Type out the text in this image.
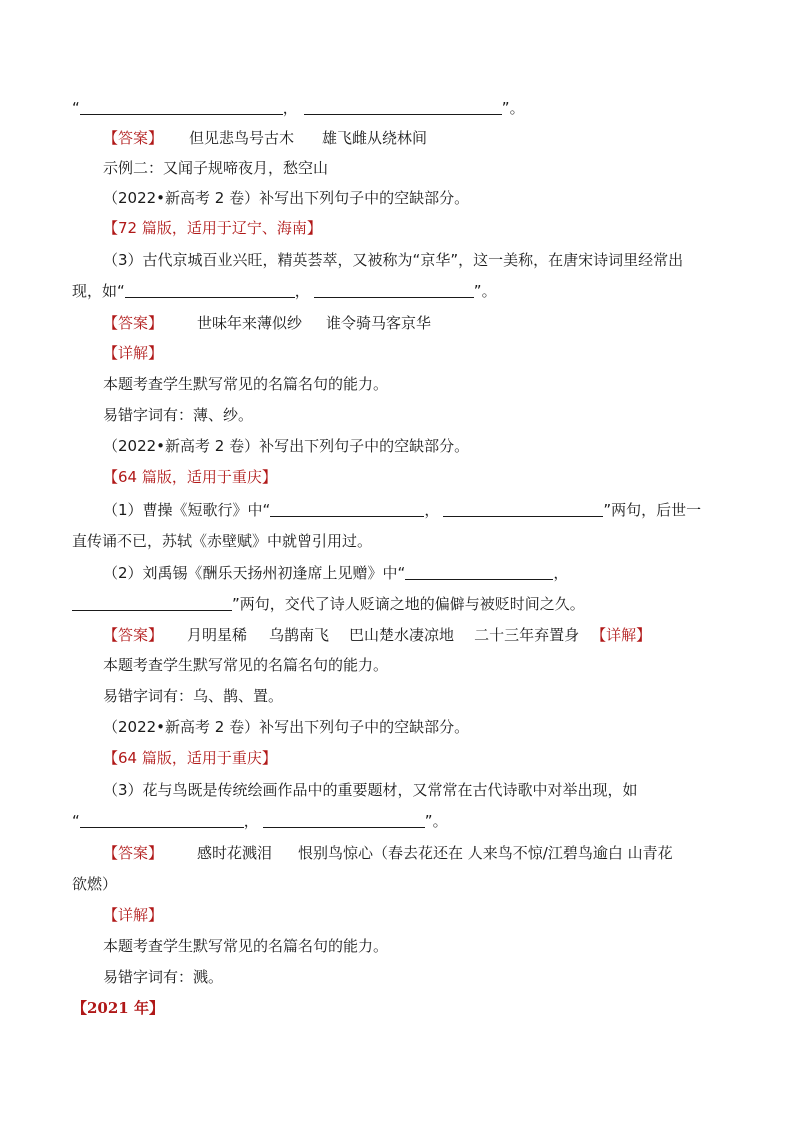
“	，	”。
【答案】 但见悲鸟号古木 雄飞雌从绕林间
示例二：又闻子规啼夜月，愁空山
（2022•新高考 2 卷）补写出下列句子中的空缺部分。
【72 篇版，适用于辽宁、海南】
（3）古代京城百业兴旺，精英荟萃，又被称为“京华”，这一美称，在唐宋诗词里经常出
现，如“	，	”。
【答案】 世味年来薄似纱 谁令骑马客京华
【详解】
本题考查学生默写常见的名篇名句的能力。
易错字词有：薄、纱。
（2022•新高考 2 卷）补写出下列句子中的空缺部分。
【64 篇版，适用于重庆】
（1）曹操《短歌行》中“	，	”两句，后世一
直传诵不已，苏轼《赤壁赋》中就曾引用过。
（2）刘禹锡《酬乐天扬州初逢席上见赠》中“	，
”两句，交代了诗人贬谪之地的偏僻与被贬时间之久。
【答案】 月明星稀 乌鹊南飞 巴山楚水凄凉地 二十三年弃置身 【详解】
本题考查学生默写常见的名篇名句的能力。
易错字词有：乌、鹊、置。
（2022•新高考 2 卷）补写出下列句子中的空缺部分。
【64 篇版，适用于重庆】
（3）花与鸟既是传统绘画作品中的重要题材，又常常在古代诗歌中对举出现，如
“	，	”。
【答案】 感时花溅泪 恨别鸟惊心（春去花还在 人来鸟不惊/江碧鸟逾白 山青花
欲燃）
【详解】
本题考查学生默写常见的名篇名句的能力。
易错字词有：溅。
【2021 年】
